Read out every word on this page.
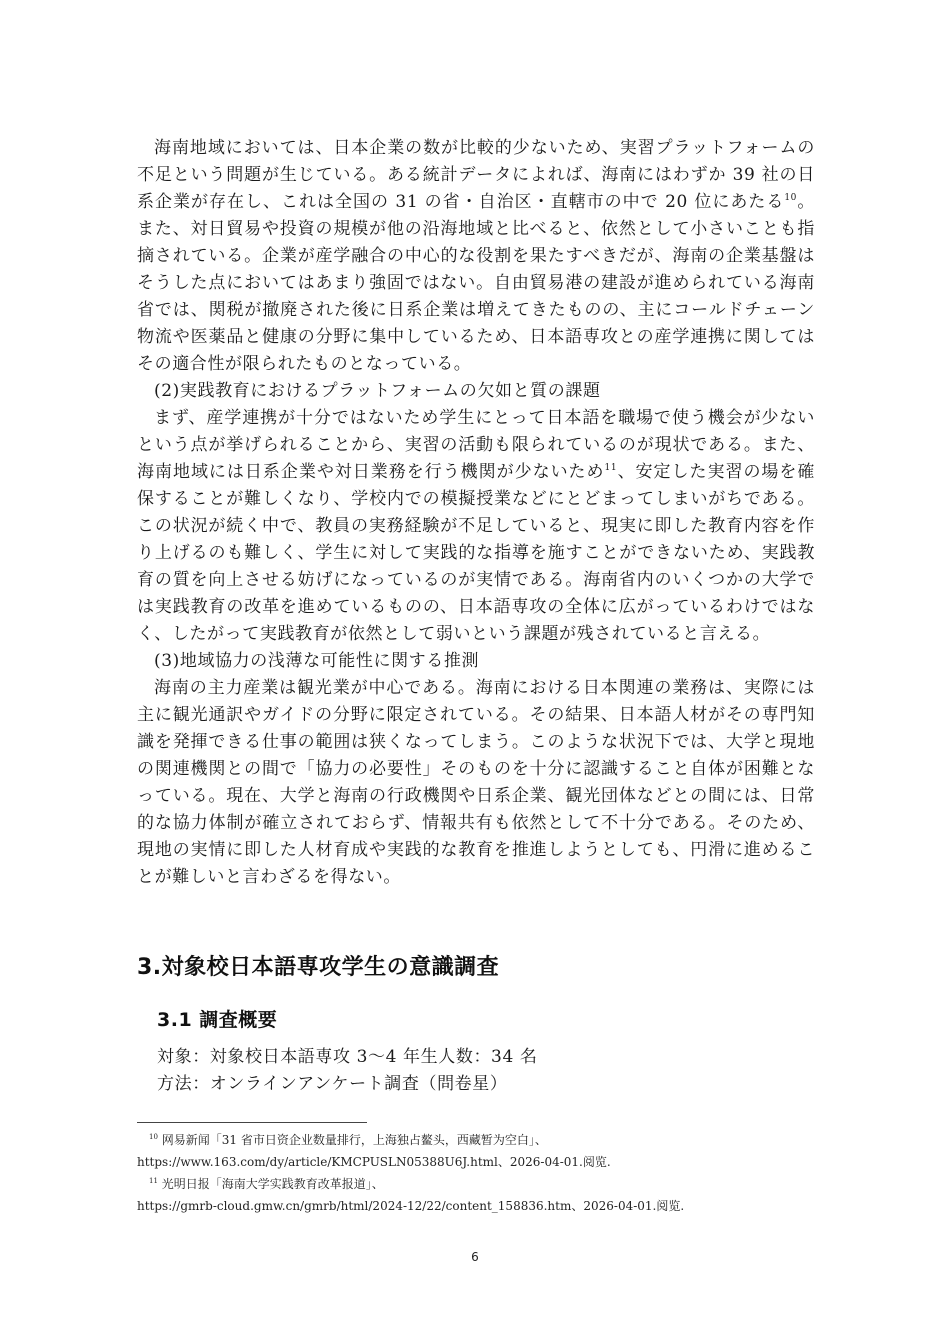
海南地域においては、日本企業の数が比較的少ないため、実習プラットフォームの不足という問題が生じている。ある統計データによれば、海南にはわずか 39 社の日系企業が存在し、これは全国の 31 の省・自治区・直轄市の中で 20 位にあたる$^{10}$。また、対日貿易や投資の規模が他の沿海地域と比べると、依然として小さいことも指摘されている。企業が産学融合の中心的な役割を果たすべきだが、海南の企業基盤はそうした点においてはあまり強固ではない。自由貿易港の建設が進められている海南省では、関税が撤廃された後に日系企業は増えてきたものの、主にコールドチェーン物流や医薬品と健康の分野に集中しているため、日本語専攻との産学連携に関してはその適合性が限られたものとなっている。

(2)実践教育におけるプラットフォームの欠如と質の課題

まず、産学連携が十分ではないため学生にとって日本語を職場で使う機会が少ないという点が挙げられることから、実習の活動も限られているのが現状である。また、海南地域には日系企業や対日業務を行う機関が少ないため$^{11}$、安定した実習の場を確保することが難しくなり、学校内での模擬授業などにとどまってしまいがちである。この状況が続く中で、教員の実務経験が不足していると、現実に即した教育内容を作り上げるのも難しく、学生に対して実践的な指導を施すことができないため、実践教育の質を向上させる妨げになっているのが実情である。海南省内のいくつかの大学では実践教育の改革を進めているものの、日本語専攻の全体に広がっているわけではなく、したがって実践教育が依然として弱いという課題が残されていると言える。

(3)地域協力の浅薄な可能性に関する推測

海南の主力産業は観光業が中心である。海南における日本関連の業務は、実際には主に観光通訳やガイドの分野に限定されている。その結果、日本語人材がその専門知識を発揮できる仕事の範囲は狭くなってしまう。このような状況下では、大学と現地の関連機関との間で「協力の必要性」そのものを十分に認識すること自体が困難となっている。現在、大学と海南の行政機関や日系企業、観光団体などとの間には、日常的な協力体制が確立されておらず、情報共有も依然として不十分である。そのため、現地の実情に即した人材育成や実践的な教育を推進しようとしても、円滑に進めることが難しいと言わざるを得ない。

3.対象校日本語専攻学生の意識調査
3.1 調査概要
対象：対象校日本語専攻 3～4 年生人数：34 名
方法：オンラインアンケート調査（問卷星）
$^{10}$ 网易新闻「31 省市日资企业数量排行，上海独占鳌头，西藏暂为空白」、
https://www.163.com/dy/article/KMCPUSLN05388U6J.html、2026-04-01.阅览.
$^{11}$ 光明日报「海南大学实践教育改革报道」、
https://gmrb-cloud.gmw.cn/gmrb/html/2024-12/22/content_158836.htm、2026-04-01.阅览.
6
